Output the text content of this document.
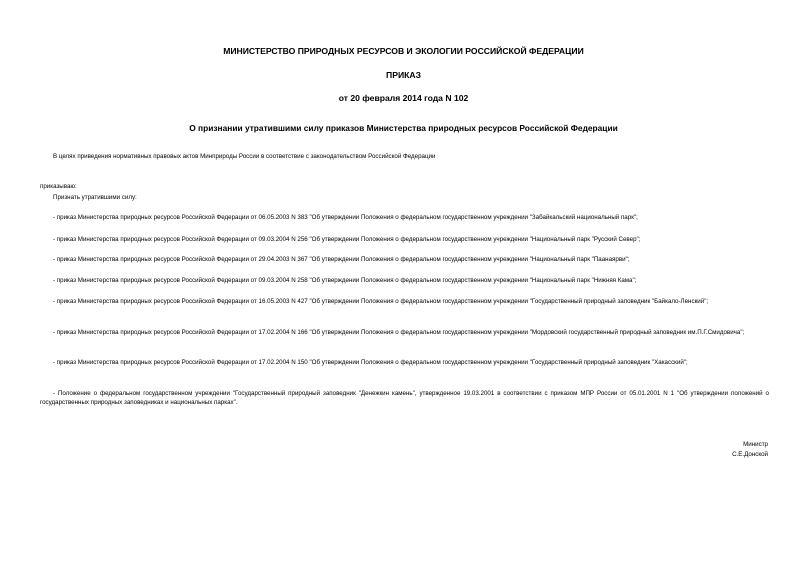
МИНИСТЕРСТВО ПРИРОДНЫХ РЕСУРСОВ И ЭКОЛОГИИ РОССИЙСКОЙ ФЕДЕРАЦИИ
ПРИКАЗ
от 20 февраля 2014 года N 102
О признании утратившими силу приказов Министерства природных ресурсов Российской Федерации
В целях приведения нормативных правовых актов Минприроды России в соответствие с законодательством Российской Федерации
приказываю:
Признать утратившими силу:
- приказ Министерства природных ресурсов Российской Федерации от 06.05.2003 N 383 "Об утверждении Положения о федеральном государственном учреждении "Забайкальский национальный парк";
- приказ Министерства природных ресурсов Российской Федерации от 09.03.2004 N 256 "Об утверждении Положения о федеральном государственном учреждении "Национальный парк "Русский Север";
- приказ Министерства природных ресурсов Российской Федерации от 29.04.2003 N 367 "Об утверждении Положения о федеральном государственном учреждении "Национальный парк "Паанаярви";
- приказ Министерства природных ресурсов Российской Федерации от 09.03.2004 N 258 "Об утверждении Положения о федеральном государственном учреждении "Национальный парк "Нижняя Кама";
- приказ Министерства природных ресурсов Российской Федерации от 16.05.2003 N 427 "Об утверждении Положения о федеральном государственном учреждении "Государственный природный заповедник "Байкало-Ленский";
- приказ Министерства природных ресурсов Российской Федерации от 17.02.2004 N 166 "Об утверждении Положения о федеральном государственном учреждении "Мордовский государственный природный заповедник им.П.Г.Смидовича";
- приказ Министерства природных ресурсов Российской Федерации от 17.02.2004 N 150 "Об утверждении Положения о федеральном государственном учреждении "Государственный природный заповедник "Хакасский";
- Положение о федеральном государственном учреждении "Государственный природный заповедник "Денежкин камень", утвержденное 19.03.2001 в соответствии с приказом МПР России от 05.01.2001 N 1 "Об утверждении положений о государственных природных заповедниках и национальных парках".
Министр
С.Е.Донской
